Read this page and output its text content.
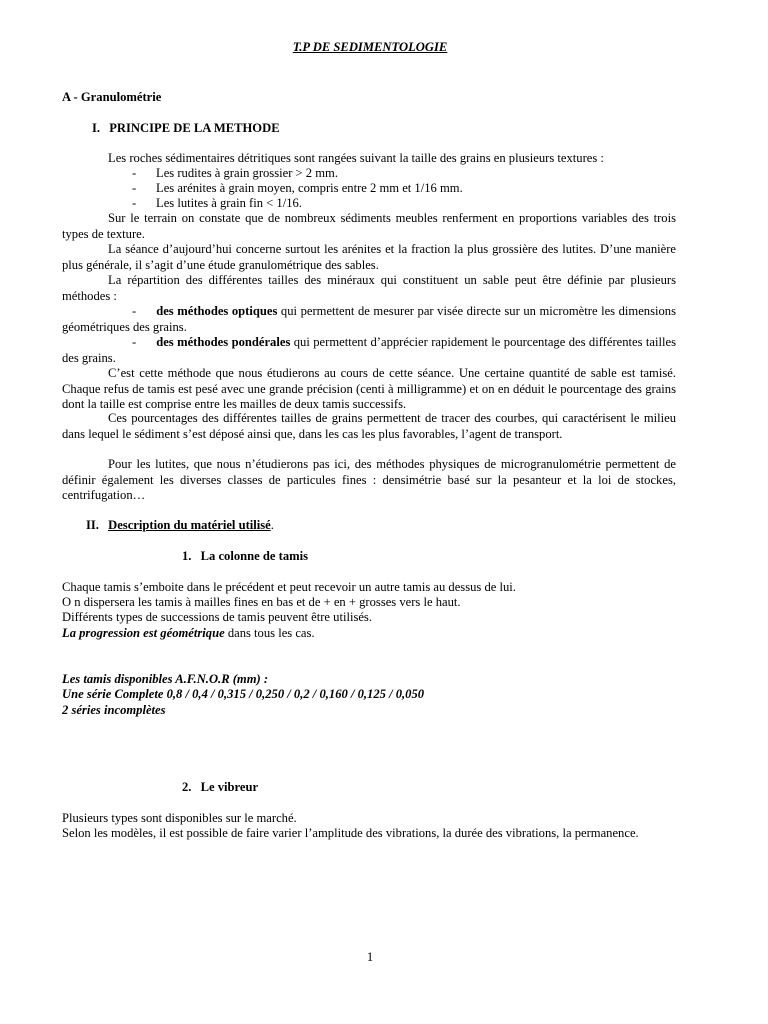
T.P DE SEDIMENTOLOGIE
A - Granulométrie
I. PRINCIPE DE LA METHODE
Les roches sédimentaires détritiques sont rangées suivant la taille des grains en plusieurs textures :
- Les rudites à grain grossier > 2 mm.
- Les arénites à grain moyen, compris entre 2 mm et 1/16 mm.
- Les lutites à grain fin < 1/16.

Sur le terrain on constate que de nombreux sédiments meubles renferment en proportions variables des trois types de texture.

La séance d’aujourd’hui concerne surtout les arénites et la fraction la plus grossière des lutites. D’une manière plus générale, il s’agit d’une étude granulométrique des sables.

La répartition des différentes tailles des minéraux qui constituent un sable peut être définie par plusieurs méthodes :

- des méthodes optiques qui permettent de mesurer par visée directe sur un micromètre les dimensions géométriques des grains.

- des méthodes pondérales qui permettent d’apprécier rapidement le pourcentage des différentes tailles des grains.

C’est cette méthode que nous étudierons au cours de cette séance. Une certaine quantité de sable est tamisé. Chaque refus de tamis est pesé avec une grande précision (centi à milligramme) et on en déduit le pourcentage des grains dont la taille est comprise entre les mailles de deux tamis successifs.

Ces pourcentages des différentes tailles de grains permettent de tracer des courbes, qui caractérisent le milieu dans lequel le sédiment s’est déposé ainsi que, dans les cas les plus favorables, l’agent de transport.

Pour les lutites, que nous n’étudierons pas ici, des méthodes physiques de microgranulométrie permettent de définir également les diverses classes de particules fines : densimétrie basé sur la pesanteur et la loi de stockes, centrifugation…

II. Description du matériel utilisé.
1. La colonne de tamis
Chaque tamis s’emboite dans le précédent et peut recevoir un autre tamis au dessus de lui.
O n dispersera les tamis à mailles fines en bas et de + en + grosses vers le haut.
Différents types de successions de tamis peuvent être utilisés.
La progression est géométrique dans tous les cas.
Les tamis disponibles A.F.N.O.R (mm) :
Une série Complete 0,8 / 0,4 / 0,315 / 0,250 / 0,2 / 0,160 / 0,125 / 0,050
2 séries incomplètes
2. Le vibreur
Plusieurs types sont disponibles sur le marché.

Selon les modèles, il est possible de faire varier l’amplitude des vibrations, la durée des vibrations, la permanence.

1
